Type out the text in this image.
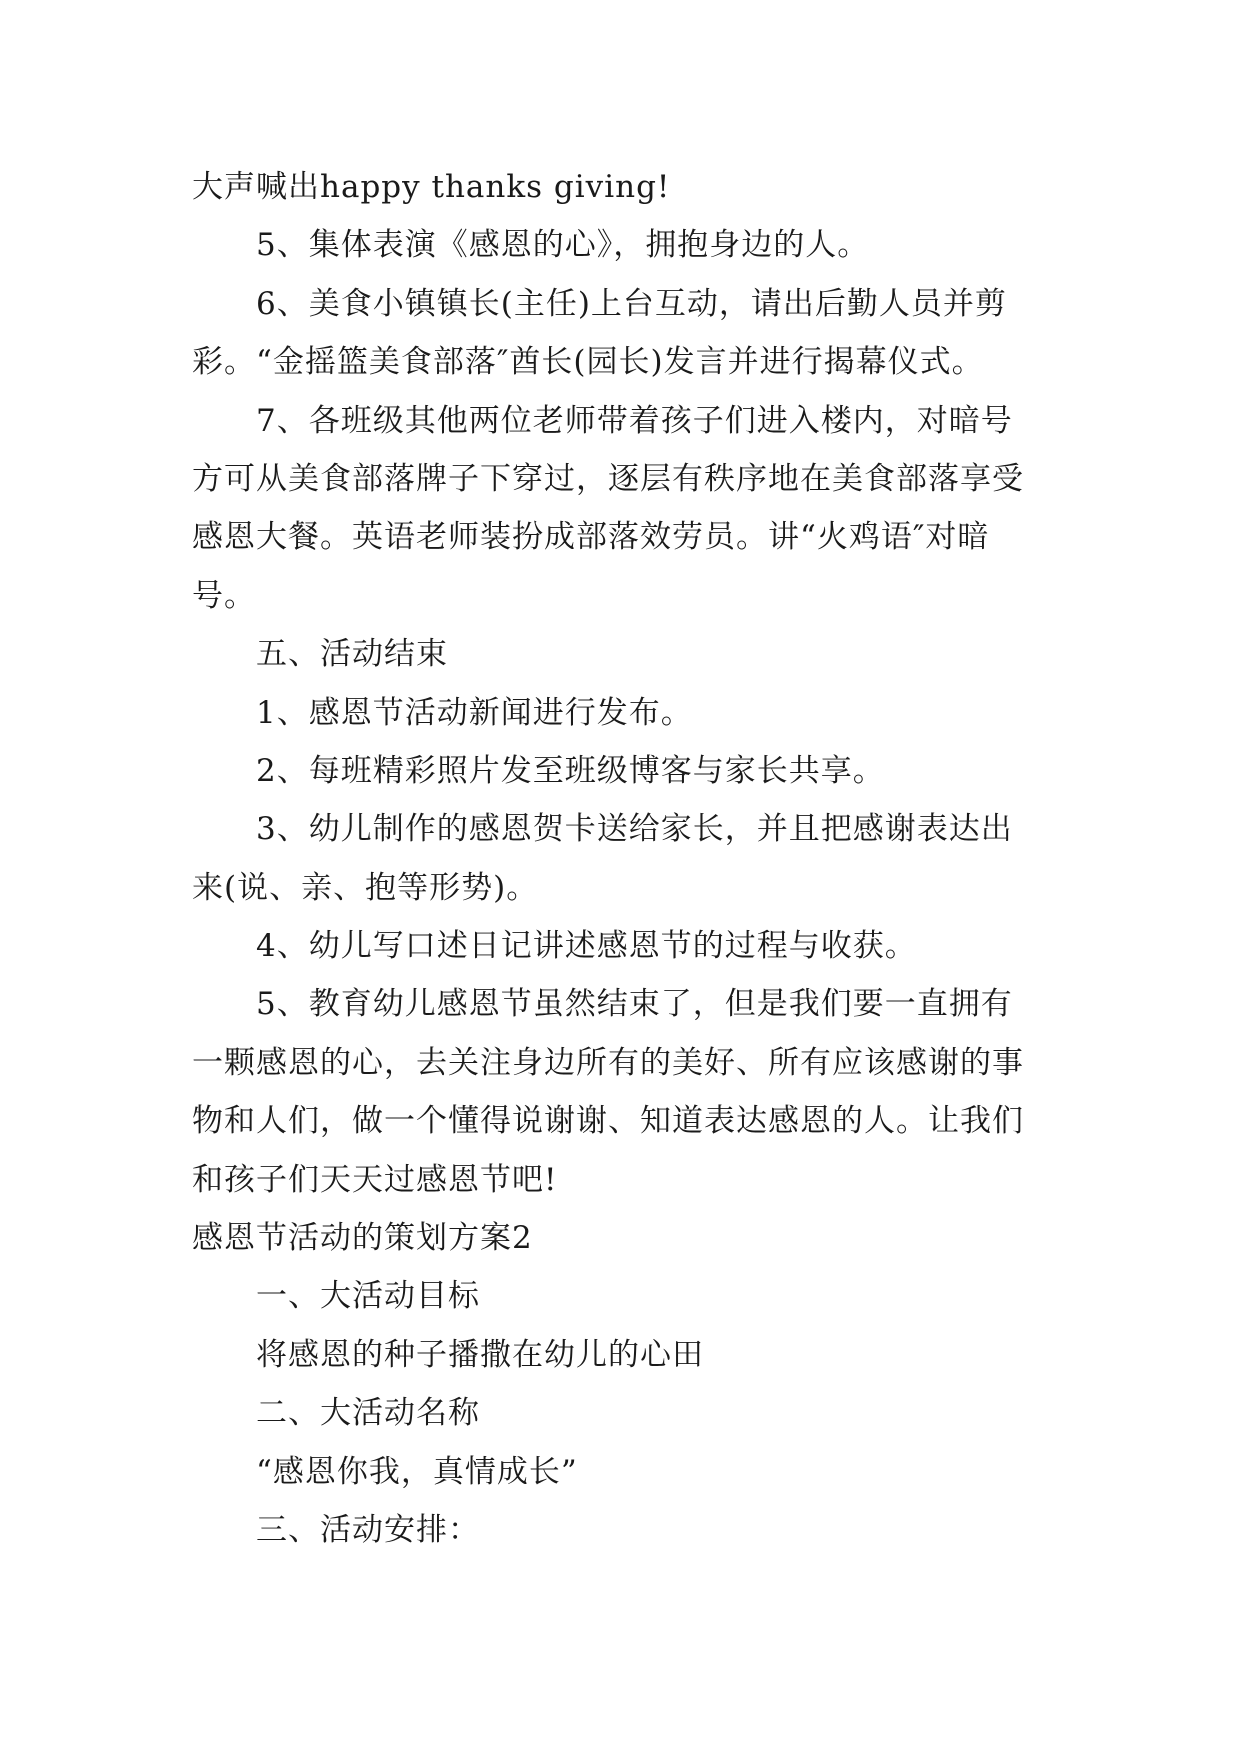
大声喊出happy thanks giving!
5、集体表演《感恩的心》，拥抱身边的人。
6、美食小镇镇长(主任)上台互动，请出后勤人员并剪
彩。“金摇篮美食部落″酋长(园长)发言并进行揭幕仪式。
7、各班级其他两位老师带着孩子们进入楼内，对暗号
方可从美食部落牌子下穿过，逐层有秩序地在美食部落享受
感恩大餐。英语老师装扮成部落效劳员。讲“火鸡语″对暗
号。
五、活动结束
1、感恩节活动新闻进行发布。
2、每班精彩照片发至班级博客与家长共享。
3、幼儿制作的感恩贺卡送给家长，并且把感谢表达出
来(说、亲、抱等形势)。
4、幼儿写口述日记讲述感恩节的过程与收获。
5、教育幼儿感恩节虽然结束了，但是我们要一直拥有
一颗感恩的心，去关注身边所有的美好、所有应该感谢的事
物和人们，做一个懂得说谢谢、知道表达感恩的人。让我们
和孩子们天天过感恩节吧!
感恩节活动的策划方案2
一、大活动目标
将感恩的种子播撒在幼儿的心田
二、大活动名称
“感恩你我，真情成长”
三、活动安排：
